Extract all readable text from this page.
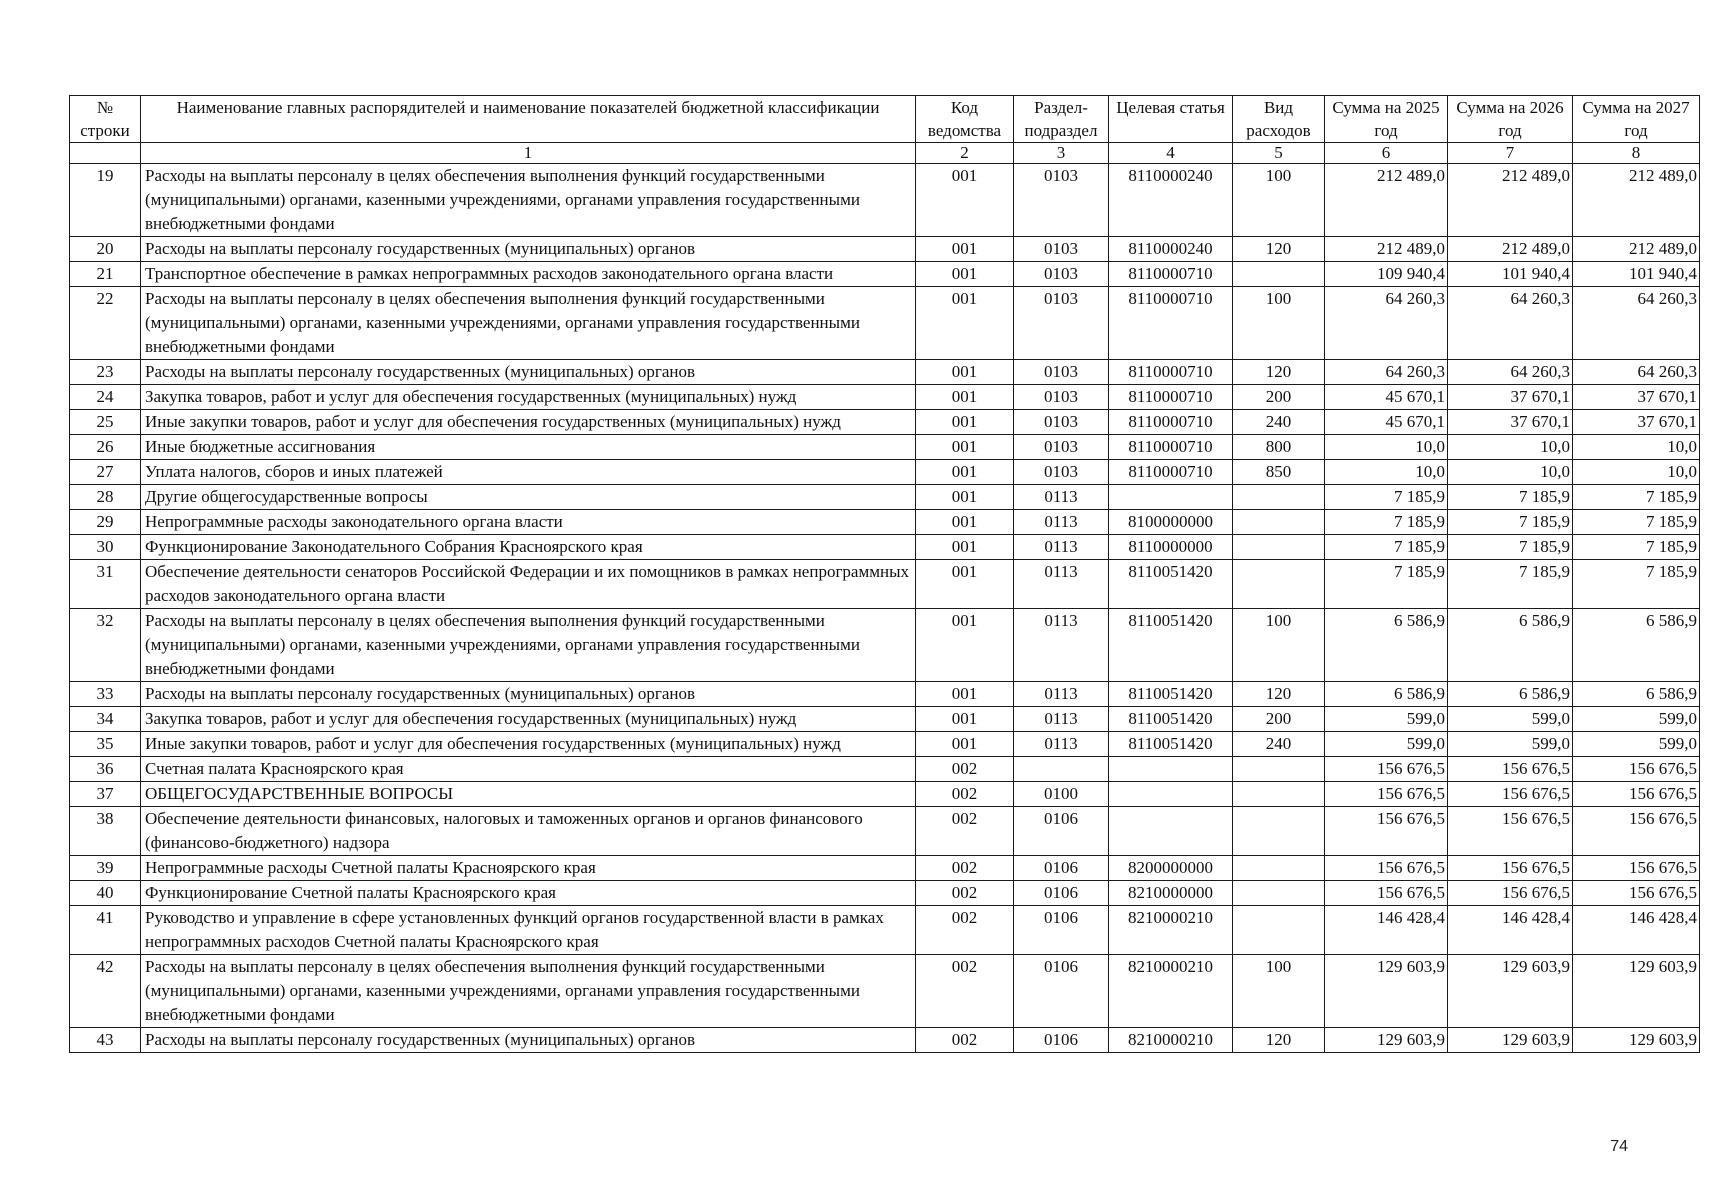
№ строки	Наименование главных распорядителей и наименование показателей бюджетной классификации	Код ведомства	Раздел-подраздел	Целевая статья	Вид расходов	Сумма на 2025 год	Сумма на 2026 год	Сумма на 2027 год
	1	2	3	4	5	6	7	8
19	Расходы на выплаты персоналу в целях обеспечения выполнения функций государственными (муниципальными) органами, казенными учреждениями, органами управления государственными внебюджетными фондами	001	0103	8110000240	100	212 489,0	212 489,0	212 489,0
20	Расходы на выплаты персоналу государственных (муниципальных) органов	001	0103	8110000240	120	212 489,0	212 489,0	212 489,0
21	Транспортное обеспечение в рамках непрограммных расходов законодательного органа власти	001	0103	8110000710		109 940,4	101 940,4	101 940,4
22	Расходы на выплаты персоналу в целях обеспечения выполнения функций государственными (муниципальными) органами, казенными учреждениями, органами управления государственными внебюджетными фондами	001	0103	8110000710	100	64 260,3	64 260,3	64 260,3
23	Расходы на выплаты персоналу государственных (муниципальных) органов	001	0103	8110000710	120	64 260,3	64 260,3	64 260,3
24	Закупка товаров, работ и услуг для обеспечения государственных (муниципальных) нужд	001	0103	8110000710	200	45 670,1	37 670,1	37 670,1
25	Иные закупки товаров, работ и услуг для обеспечения государственных (муниципальных) нужд	001	0103	8110000710	240	45 670,1	37 670,1	37 670,1
26	Иные бюджетные ассигнования	001	0103	8110000710	800	10,0	10,0	10,0
27	Уплата налогов, сборов и иных платежей	001	0103	8110000710	850	10,0	10,0	10,0
28	Другие общегосударственные вопросы	001	0113			7 185,9	7 185,9	7 185,9
29	Непрограммные расходы законодательного органа власти	001	0113	8100000000		7 185,9	7 185,9	7 185,9
30	Функционирование Законодательного Собрания Красноярского края	001	0113	8110000000		7 185,9	7 185,9	7 185,9
31	Обеспечение деятельности сенаторов Российской Федерации и их помощников в рамках непрограммных расходов законодательного органа власти	001	0113	8110051420		7 185,9	7 185,9	7 185,9
32	Расходы на выплаты персоналу в целях обеспечения выполнения функций государственными (муниципальными) органами, казенными учреждениями, органами управления государственными внебюджетными фондами	001	0113	8110051420	100	6 586,9	6 586,9	6 586,9
33	Расходы на выплаты персоналу государственных (муниципальных) органов	001	0113	8110051420	120	6 586,9	6 586,9	6 586,9
34	Закупка товаров, работ и услуг для обеспечения государственных (муниципальных) нужд	001	0113	8110051420	200	599,0	599,0	599,0
35	Иные закупки товаров, работ и услуг для обеспечения государственных (муниципальных) нужд	001	0113	8110051420	240	599,0	599,0	599,0
36	Счетная палата Красноярского края	002				156 676,5	156 676,5	156 676,5
37	ОБЩЕГОСУДАРСТВЕННЫЕ ВОПРОСЫ	002	0100			156 676,5	156 676,5	156 676,5
38	Обеспечение деятельности финансовых, налоговых и таможенных органов и органов финансового (финансово-бюджетного) надзора	002	0106			156 676,5	156 676,5	156 676,5
39	Непрограммные расходы Счетной палаты Красноярского края	002	0106	8200000000		156 676,5	156 676,5	156 676,5
40	Функционирование Счетной палаты Красноярского края	002	0106	8210000000		156 676,5	156 676,5	156 676,5
41	Руководство и управление в сфере установленных функций органов государственной власти в рамках непрограммных расходов Счетной палаты Красноярского края	002	0106	8210000210		146 428,4	146 428,4	146 428,4
42	Расходы на выплаты персоналу в целях обеспечения выполнения функций государственными (муниципальными) органами, казенными учреждениями, органами управления государственными внебюджетными фондами	002	0106	8210000210	100	129 603,9	129 603,9	129 603,9
43	Расходы на выплаты персоналу государственных (муниципальных) органов	002	0106	8210000210	120	129 603,9	129 603,9	129 603,9
74
